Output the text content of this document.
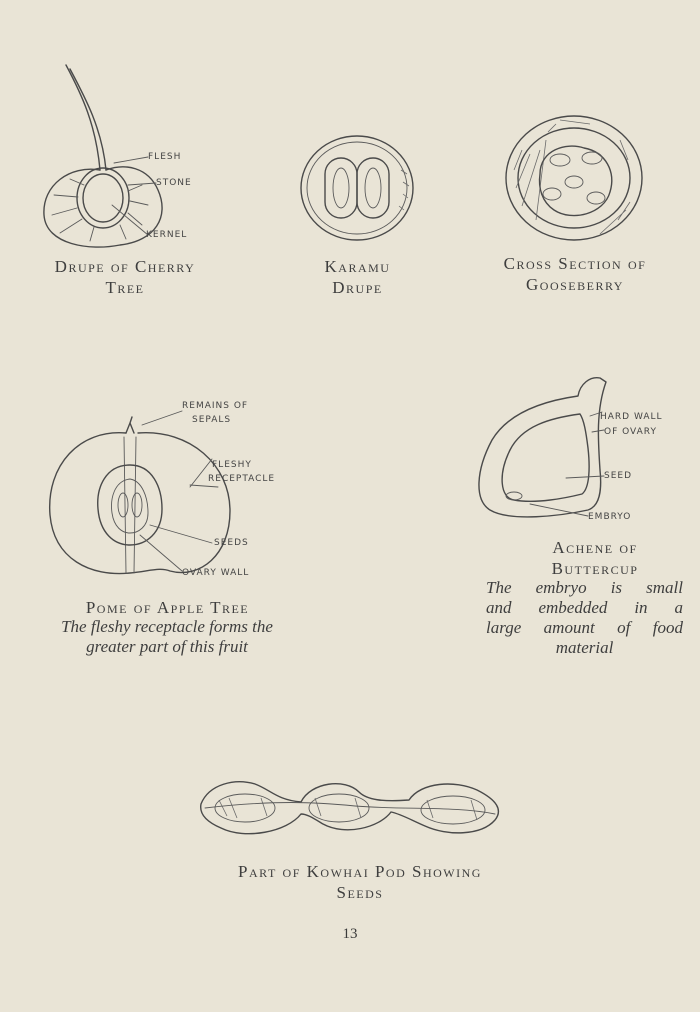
FLESH
STONE
KERNEL
Drupe of Cherry
Tree
Karamu
Drupe
Cross Section of
Gooseberry
REMAINS OF
SEPALS
FLESHY
RECEPTACLE
SEEDS
OVARY WALL
Pome of Apple Tree
The fleshy receptacle forms the
greater part of this fruit
HARD WALL
OF OVARY
SEED
EMBRYO
Achene of
Buttercup
The embryo is small
and embedded in a
large amount of food
material
Part of Kowhai Pod Showing
Seeds
13
